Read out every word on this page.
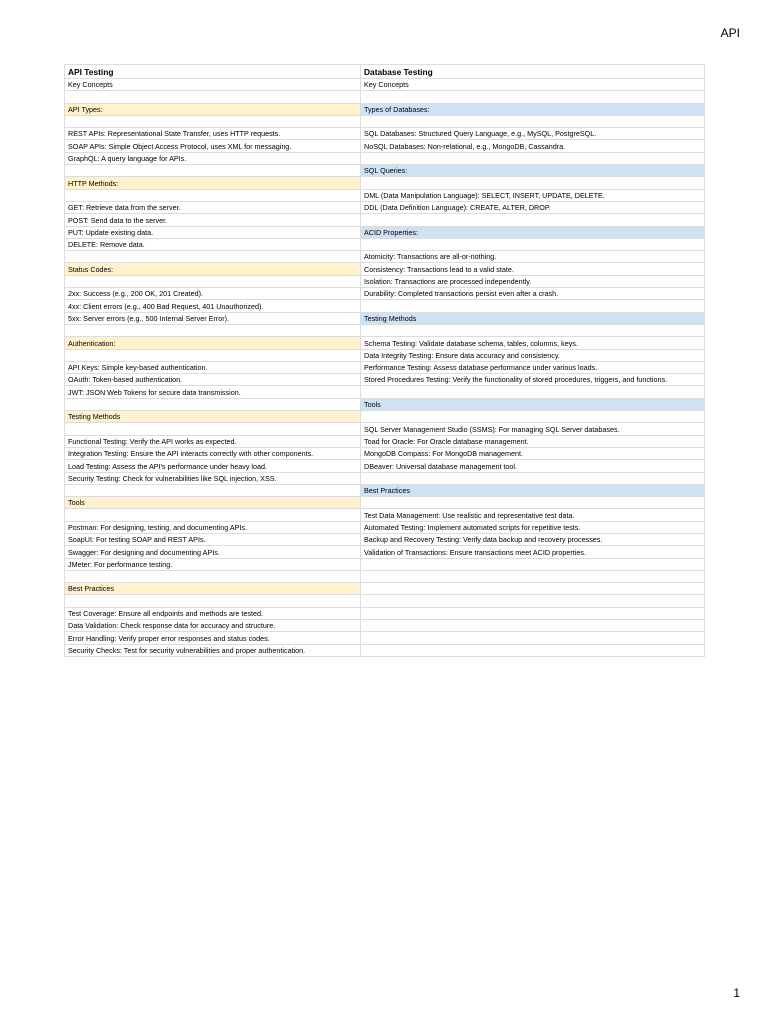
API
API Testing	Database Testing
Key Concepts	Key Concepts

API Types:	Types of Databases:

REST APIs: Representational State Transfer, uses HTTP requests.	SQL Databases: Structured Query Language, e.g., MySQL, PostgreSQL.
SOAP APIs: Simple Object Access Protocol, uses XML for messaging.	NoSQL Databases: Non-relational, e.g., MongoDB, Cassandra.
GraphQL: A query language for APIs.	
	SQL Queries:
HTTP Methods:	
	DML (Data Manipulation Language): SELECT, INSERT, UPDATE, DELETE.
GET: Retrieve data from the server.	DDL (Data Definition Language): CREATE, ALTER, DROP.
POST: Send data to the server.	
PUT: Update existing data.	ACID Properties:
DELETE: Remove data.	
	Atomicity: Transactions are all-or-nothing.
Status Codes:	Consistency: Transactions lead to a valid state.
	Isolation: Transactions are processed independently.
2xx: Success (e.g., 200 OK, 201 Created).	Durability: Completed transactions persist even after a crash.
4xx: Client errors (e.g., 400 Bad Request, 401 Unauthorized).	
5xx: Server errors (e.g., 500 Internal Server Error).	Testing Methods

Authentication:	Schema Testing: Validate database schema, tables, columns, keys.
	Data Integrity Testing: Ensure data accuracy and consistency.
API Keys: Simple key-based authentication.	Performance Testing: Assess database performance under various loads.
OAuth: Token-based authentication.	Stored Procedures Testing: Verify the functionality of stored procedures, triggers, and functions.
JWT: JSON Web Tokens for secure data transmission.	
	Tools
Testing Methods	
	SQL Server Management Studio (SSMS): For managing SQL Server databases.
Functional Testing: Verify the API works as expected.	Toad for Oracle: For Oracle database management.
Integration Testing: Ensure the API interacts correctly with other components.	MongoDB Compass: For MongoDB management.
Load Testing: Assess the API's performance under heavy load.	DBeaver: Universal database management tool.
Security Testing: Check for vulnerabilities like SQL injection, XSS.	
	Best Practices
Tools	
	Test Data Management: Use realistic and representative test data.
Postman: For designing, testing, and documenting APIs.	Automated Testing: Implement automated scripts for repetitive tests.
SoapUI: For testing SOAP and REST APIs.	Backup and Recovery Testing: Verify data backup and recovery processes.
Swagger: For designing and documenting APIs.	Validation of Transactions: Ensure transactions meet ACID properties.
JMeter: For performance testing.	

Best Practices	

Test Coverage: Ensure all endpoints and methods are tested.	
Data Validation: Check response data for accuracy and structure.	
Error Handling: Verify proper error responses and status codes.	
Security Checks: Test for security vulnerabilities and proper authentication.	
1
